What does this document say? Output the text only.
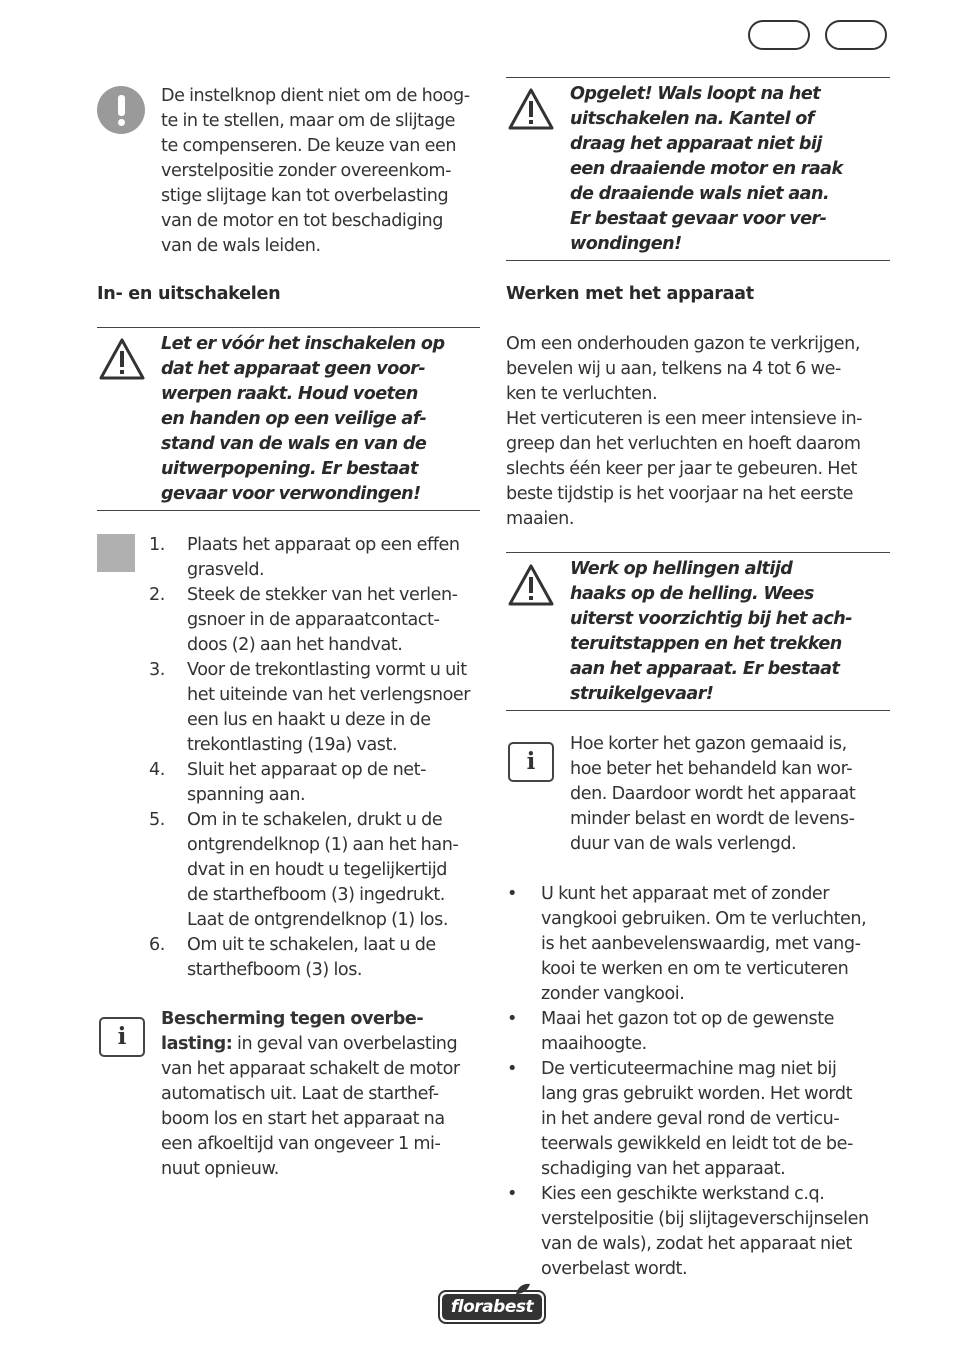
De instelknop dient niet om de hoog-
te in te stellen, maar om de slijtage
te compenseren. De keuze van een
verstelpositie zonder overeenkom-
stige slijtage kan tot overbelasting
van de motor en tot beschadiging
van de wals leiden.
In- en uitschakelen
Let er vóór het inschakelen op
dat het apparaat geen voor-
werpen raakt. Houd voeten
en handen op een veilige af-
stand van de wals en van de
uitwerpopening. Er bestaat
gevaar voor verwondingen!
1. Plaats het apparaat op een effen
grasveld.
2. Steek de stekker van het verlen-
gsnoer in de apparaatcontact-
doos (2) aan het handvat.
3. Voor de trekontlasting vormt u uit
het uiteinde van het verlengsnoer
een lus en haakt u deze in de
trekontlasting (19a) vast.
4. Sluit het apparaat op de net-
spanning aan.
5. Om in te schakelen, drukt u de
ontgrendelknop (1) aan het han-
dvat in en houdt u tegelijkertijd
de starthefboom (3) ingedrukt.
Laat de ontgrendelknop (1) los.
6. Om uit te schakelen, laat u de
starthefboom (3) los.
i
Bescherming tegen overbe-
lasting: in geval van overbelasting
van het apparaat schakelt de motor
automatisch uit. Laat de starthef-
boom los en start het apparaat na
een afkoeltijd van ongeveer 1 mi-
nuut opnieuw.
Opgelet! Wals loopt na het
uitschakelen na. Kantel of
draag het apparaat niet bij
een draaiende motor en raak
de draaiende wals niet aan.
Er bestaat gevaar voor ver-
wondingen!
Werken met het apparaat
Om een onderhouden gazon te verkrijgen,
bevelen wij u aan, telkens na 4 tot 6 we-
ken te verluchten.
Het verticuteren is een meer intensieve in-
greep dan het verluchten en hoeft daarom
slechts één keer per jaar te gebeuren. Het
beste tijdstip is het voorjaar na het eerste
maaien.
Werk op hellingen altijd
haaks op de helling. Wees
uiterst voorzichtig bij het ach-
teruitstappen en het trekken
aan het apparaat. Er bestaat
struikelgevaar!
i
Hoe korter het gazon gemaaid is,
hoe beter het behandeld kan wor-
den. Daardoor wordt het apparaat
minder belast en wordt de levens-
duur van de wals verlengd.
• U kunt het apparaat met of zonder
vangkooi gebruiken. Om te verluchten,
is het aanbevelenswaardig, met vang-
kooi te werken en om te verticuteren
zonder vangkooi.
• Maai het gazon tot op de gewenste
maaihoogte.
• De verticuteermachine mag niet bij
lang gras gebruikt worden. Het wordt
in het andere geval rond de verticu-
teerwals gewikkeld en leidt tot de be-
schadiging van het apparaat.
• Kies een geschikte werkstand c.q.
verstelpositie (bij slijtageverschijnselen
van de wals), zodat het apparaat niet
overbelast wordt.
florabest
